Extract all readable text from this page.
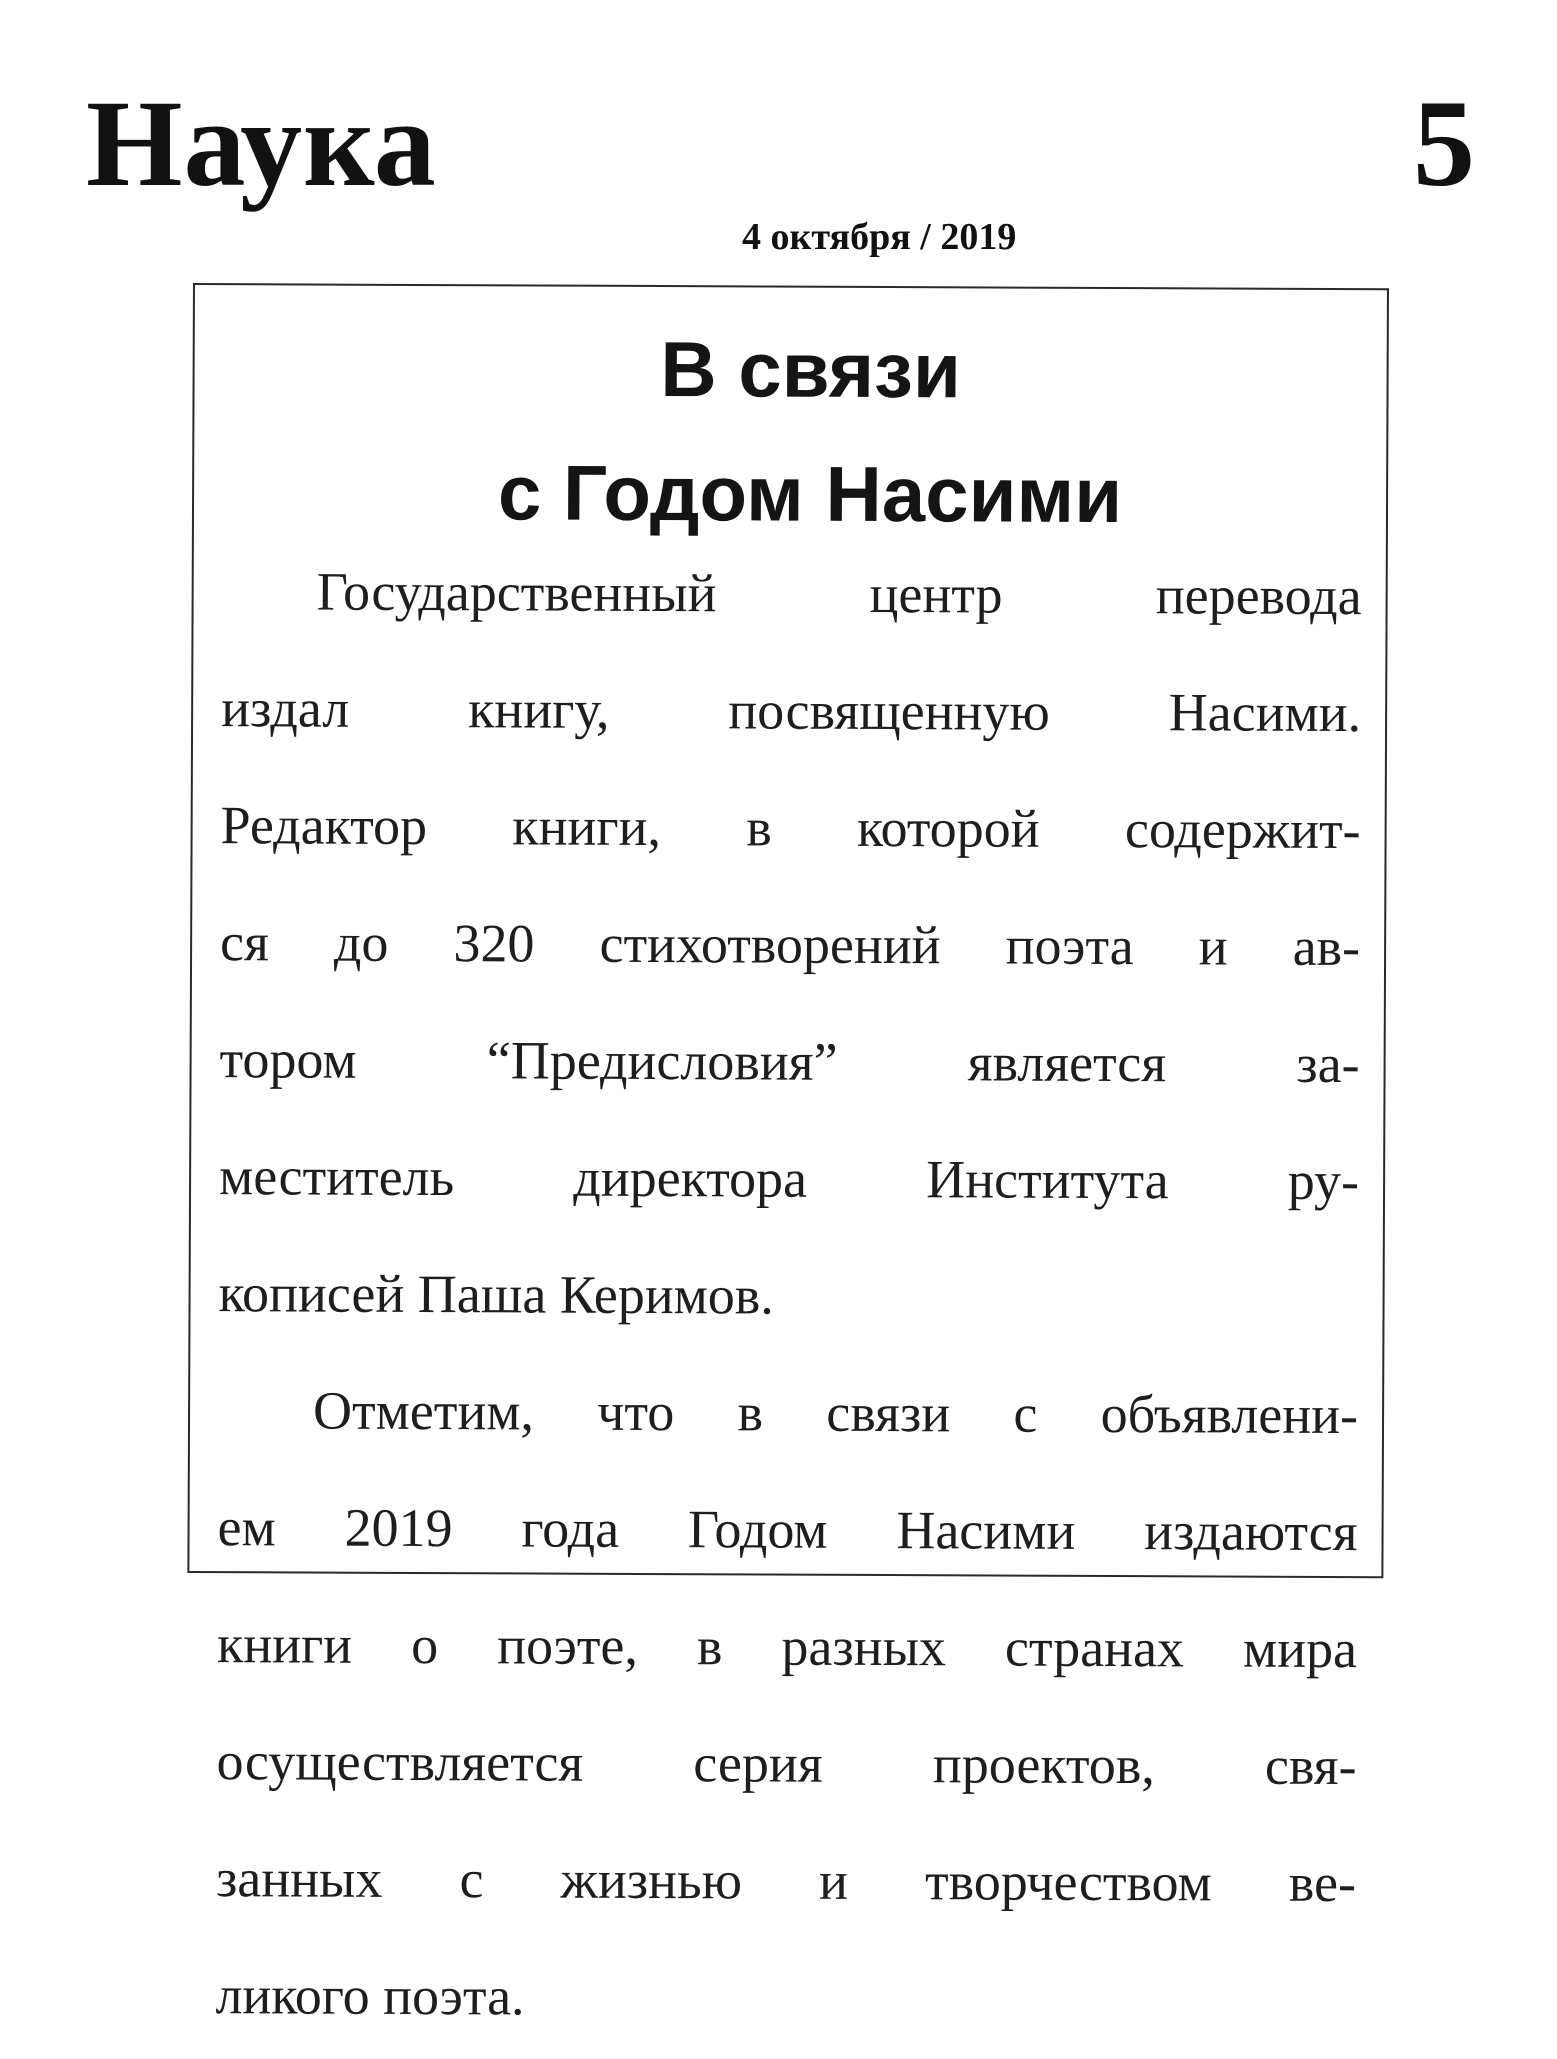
Наука	5
4 октября / 2019
В связи
с Годом Насими
Государственный центр перевода
издал книгу, посвященную Насими.
Редактор книги, в которой содержит-
ся до 320 стихотворений поэта и ав-
тором “Предисловия” является за-
меститель директора Института ру-
кописей Паша Керимов.
Отметим, что в связи с объявлени-
ем 2019 года Годом Насими издаются
книги о поэте, в разных странах мира
осуществляется серия проектов, свя-
занных с жизнью и творчеством ве-
ликого поэта.
